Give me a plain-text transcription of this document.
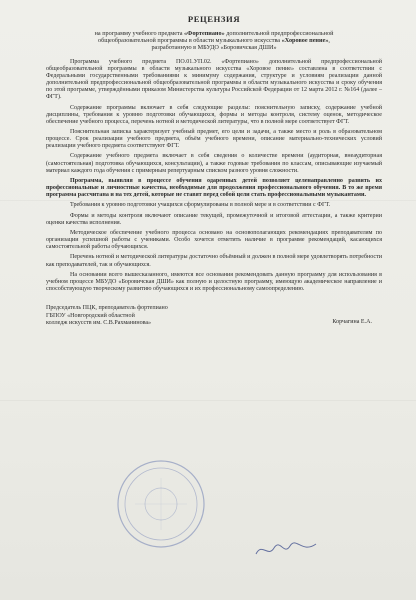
РЕЦЕНЗИЯ
на программу учебного предмета «Фортепиано» дополнительной предпрофессиональной
общеобразовательной программы в области музыкального искусства «Хоровое пение»,
разработанную в МБУДО «Боровичская ДШИ»

Программа учебного предмета ПО.01.УП.02. «Фортепиано» дополнительной предпрофессиональной общеобразовательной программы в области музыкального искусства «Хоровое пение» составлена в соответствии с Федеральными государственными требованиями к минимуму содержания, структуре и условиям реализации данной дополнительной предпрофессиональной общеобразовательной программы в области музыкального искусства и сроку обучения по этой программе, утверждёнными приказом Министерства культуры Российской Федерации от 12 марта 2012 г. №164 (далее – ФГТ).

Содержание программы включает в себя следующие разделы: пояснительную записку, содержание учебной дисциплины, требования к уровню подготовки обучающихся, формы и методы контроля, систему оценок, методическое обеспечение учебного процесса, перечень нотной и методической литературы, что в полной мере соответствует ФГТ.

Пояснительная записка характеризует учебный предмет, его цели и задачи, а также место и роль в образовательном процессе. Срок реализации учебного предмета, объём учебного времени, описание материально-технических условий реализации учебного предмета соответствуют ФГТ.

Содержание учебного предмета включает в себя сведения о количестве времени (аудиторная, внеаудиторная (самостоятельная) подготовка обучающихся, консультации), а также годовые требования по классам, описывающие изучаемый материал каждого года обучения с примерным репертуарным списком разного уровня сложности.

Программа, выявляя в процессе обучения одаренных детей позволяет целенаправленно развить их профессиональные и личностные качества, необходимые для продолжения профессионального обучения. В то же время программа рассчитана и на тех детей, которые не ставят перед собой цели стать профессиональными музыкантами.

Требования к уровню подготовки учащихся сформулированы в полной мере и в соответствии с ФГТ.

Формы и методы контроля включают описание текущей, промежуточной и итоговой аттестации, а также критерии оценки качества исполнения.

Методическое обеспечение учебного процесса основано на основополагающих рекомендациях преподавателям по организации успешной работы с учениками. Особо хочется отметить наличие в программе рекомендаций, касающихся самостоятельной работы обучающихся.

Перечень нотной и методической литературы достаточно объёмный и должен в полной мере удовлетворять потребности как преподавателей, так и обучающихся.

На основании всего вышесказанного, имеются все основания рекомендовать данную программу для использования в учебном процессе МБУДО «Боровичская ДШИ» как полную и целостную программу, имеющую академическое направление и способствующую творческому развитию обучающихся и их профессиональному самоопределению.

Председатель ПЦК, преподаватель фортепиано
ГБПОУ «Новгородский областной
колледж искусств им. С.В.Рахманинова»	Корчагина Е.А.
